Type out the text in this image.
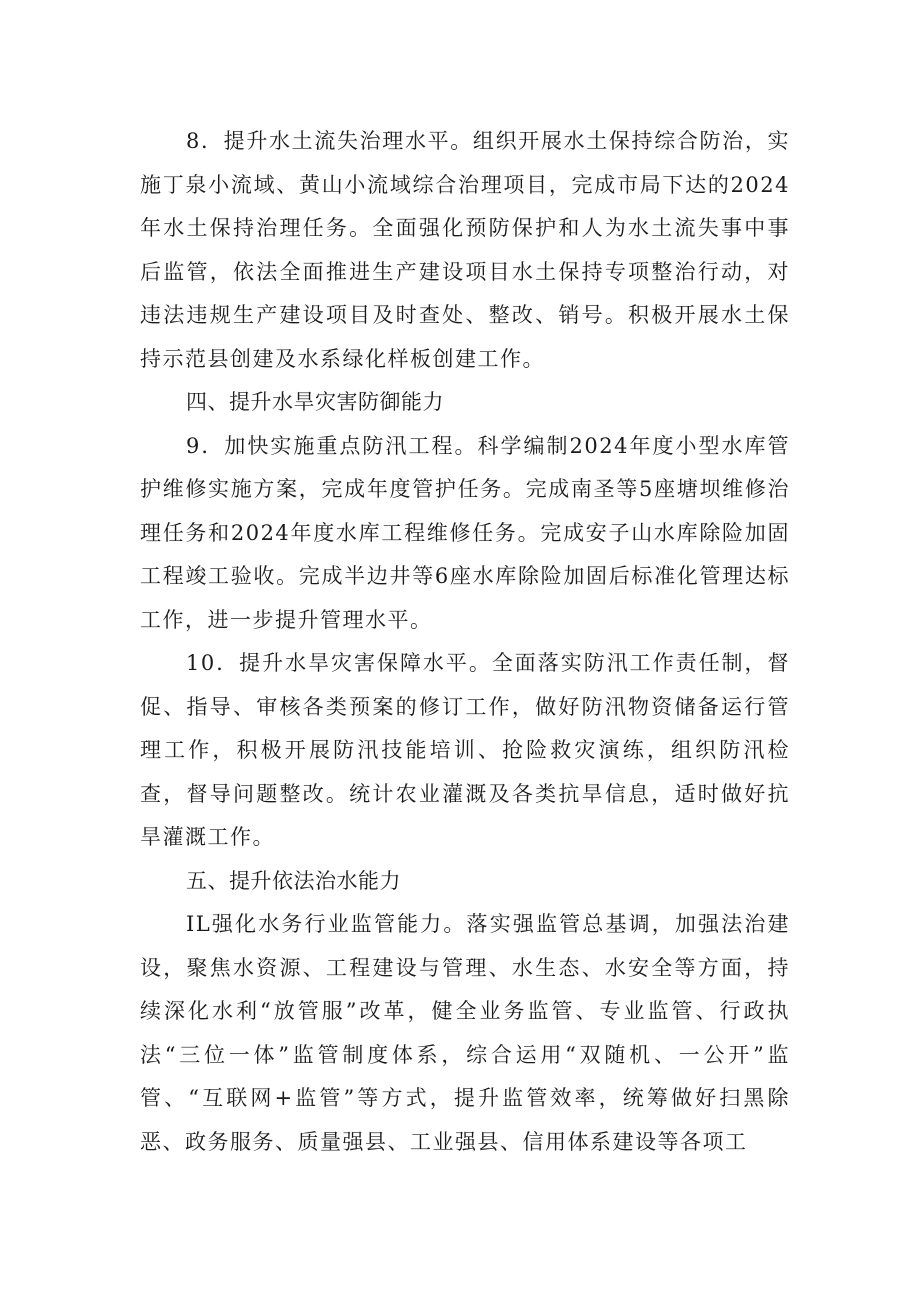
8．提升水土流失治理水平。组织开展水土保持综合防治，实施丁泉小流域、黄山小流域综合治理项目，完成市局下达的2024年水土保持治理任务。全面强化预防保护和人为水土流失事中事后监管，依法全面推进生产建设项目水土保持专项整治行动，对违法违规生产建设项目及时查处、整改、销号。积极开展水土保持示范县创建及水系绿化样板创建工作。

四、提升水旱灾害防御能力

9．加快实施重点防汛工程。科学编制2024年度小型水库管护维修实施方案，完成年度管护任务。完成南圣等5座塘坝维修治理任务和2024年度水库工程维修任务。完成安子山水库除险加固工程竣工验收。完成半边井等6座水库除险加固后标准化管理达标工作，进一步提升管理水平。

10．提升水旱灾害保障水平。全面落实防汛工作责任制，督促、指导、审核各类预案的修订工作，做好防汛物资储备运行管理工作，积极开展防汛技能培训、抢险救灾演练，组织防汛检查，督导问题整改。统计农业灌溉及各类抗旱信息，适时做好抗旱灌溉工作。

五、提升依法治水能力

IL强化水务行业监管能力。落实强监管总基调，加强法治建设，聚焦水资源、工程建设与管理、水生态、水安全等方面，持续深化水利“放管服”改革，健全业务监管、专业监管、行政执法“三位一体”监管制度体系，综合运用“双随机、一公开”监管、“互联网+监管”等方式，提升监管效率，统筹做好扫黑除恶、政务服务、质量强县、工业强县、信用体系建设等各项工
